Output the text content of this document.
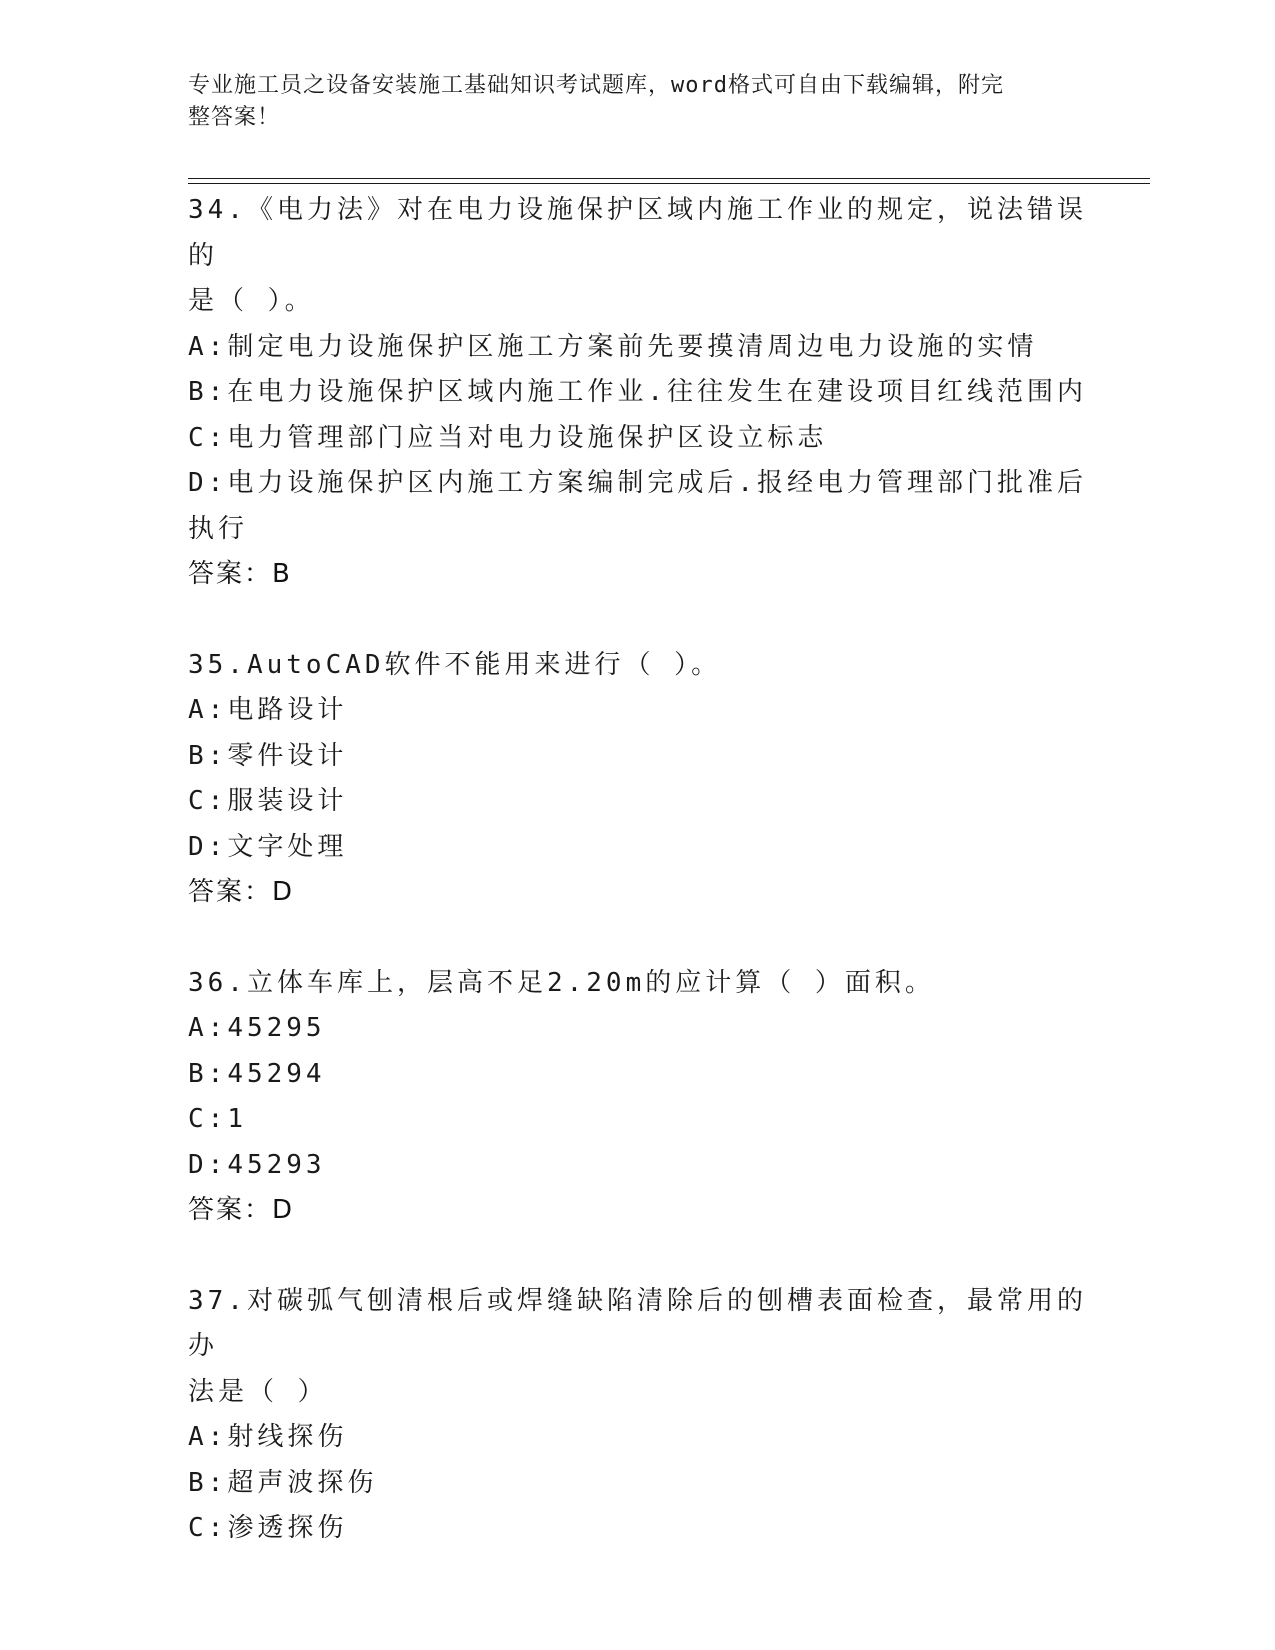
专业施工员之设备安装施工基础知识考试题库，word格式可自由下载编辑，附完
整答案！
34.《电力法》对在电力设施保护区域内施工作业的规定，说法错误的
是（ ）。
A : 制定电力设施保护区施工方案前先要摸清周边电力设施的实情
B : 在电力设施保护区域内施工作业.往往发生在建设项目红线范围内
C : 电力管理部门应当对电力设施保护区设立标志
D : 电力设施保护区内施工方案编制完成后.报经电力管理部门批准后
执行
答案：B
35.AutoCAD软件不能用来进行（ ）。
A : 电路设计
B : 零件设计
C : 服装设计
D : 文字处理
答案：D
36.立体车库上，层高不足2.20m的应计算（ ）面积。
A : 45295
B : 45294
C : 1
D : 45293
答案：D
37.对碳弧气刨清根后或焊缝缺陷清除后的刨槽表面检查，最常用的办
法是（ ）
A : 射线探伤
B : 超声波探伤
C : 渗透探伤
